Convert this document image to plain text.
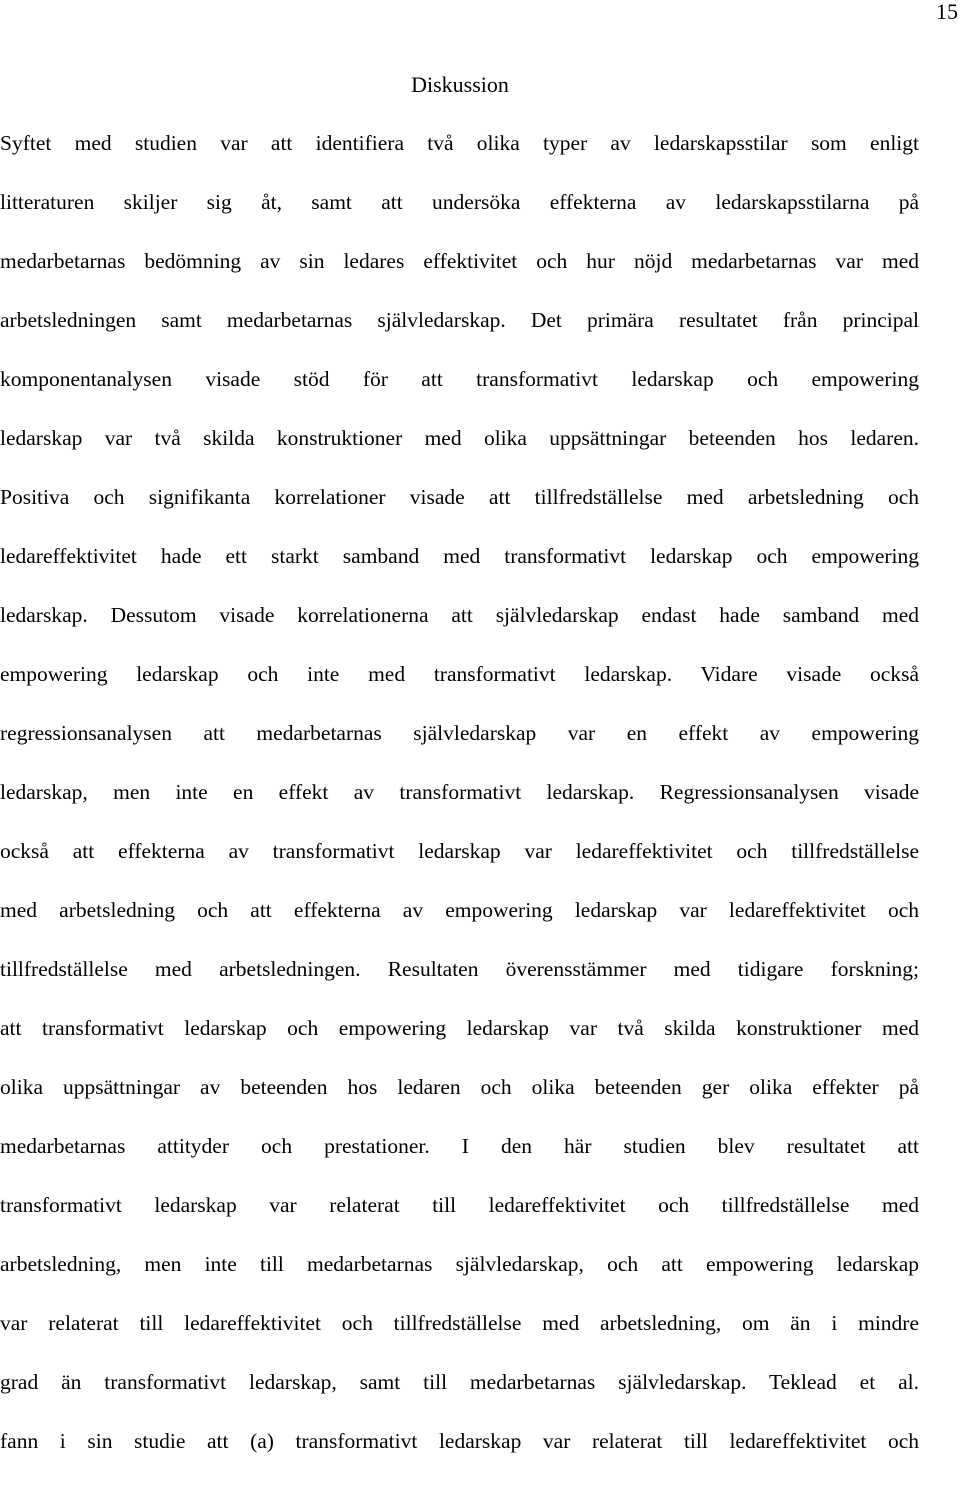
15
Diskussion
Syftet med studien var att identifiera två olika typer av ledarskapsstilar som enligt
litteraturen skiljer sig åt, samt att undersöka effekterna av ledarskapsstilarna på
medarbetarnas bedömning av sin ledares effektivitet och hur nöjd medarbetarnas var med
arbetsledningen samt medarbetarnas självledarskap. Det primära resultatet från principal
komponentanalysen visade stöd för att transformativt ledarskap och empowering
ledarskap var två skilda konstruktioner med olika uppsättningar beteenden hos ledaren.
Positiva och signifikanta korrelationer visade att tillfredställelse med arbetsledning och
ledareffektivitet hade ett starkt samband med transformativt ledarskap och empowering
ledarskap. Dessutom visade korrelationerna att självledarskap endast hade samband med
empowering ledarskap och inte med transformativt ledarskap. Vidare visade också
regressionsanalysen att medarbetarnas självledarskap var en effekt av empowering
ledarskap, men inte en effekt av transformativt ledarskap. Regressionsanalysen visade
också att effekterna av transformativt ledarskap var ledareffektivitet och tillfredställelse
med arbetsledning och att effekterna av empowering ledarskap var ledareffektivitet och
tillfredställelse med arbetsledningen. Resultaten överensstämmer med tidigare forskning;
att transformativt ledarskap och empowering ledarskap var två skilda konstruktioner med
olika uppsättningar av beteenden hos ledaren och olika beteenden ger olika effekter på
medarbetarnas attityder och prestationer. I den här studien blev resultatet att
transformativt ledarskap var relaterat till ledareffektivitet och tillfredställelse med
arbetsledning, men inte till medarbetarnas självledarskap, och att empowering ledarskap
var relaterat till ledareffektivitet och tillfredställelse med arbetsledning, om än i mindre
grad än transformativt ledarskap, samt till medarbetarnas självledarskap. Teklead et al.
fann i sin studie att (a) transformativt ledarskap var relaterat till ledareffektivitet och
